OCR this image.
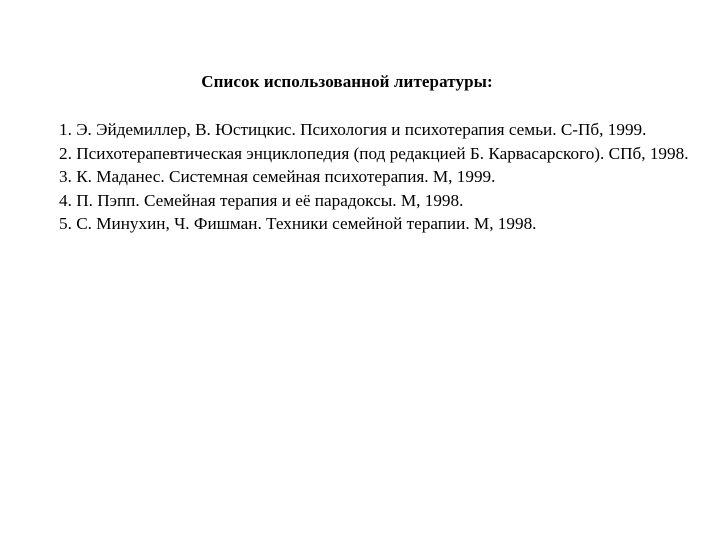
Список использованной литературы:
1. Э. Эйдемиллер, В. Юстицкис. Психология и психотерапия семьи. С-Пб, 1999.
2. Психотерапевтическая энциклопедия (под редакцией Б. Карвасарского). СПб, 1998.
3. К. Маданес. Системная семейная психотерапия. М, 1999.
4. П. Пэпп. Семейная терапия и её парадоксы. М, 1998.
5. С. Минухин, Ч. Фишман. Техники семейной терапии. М, 1998.
